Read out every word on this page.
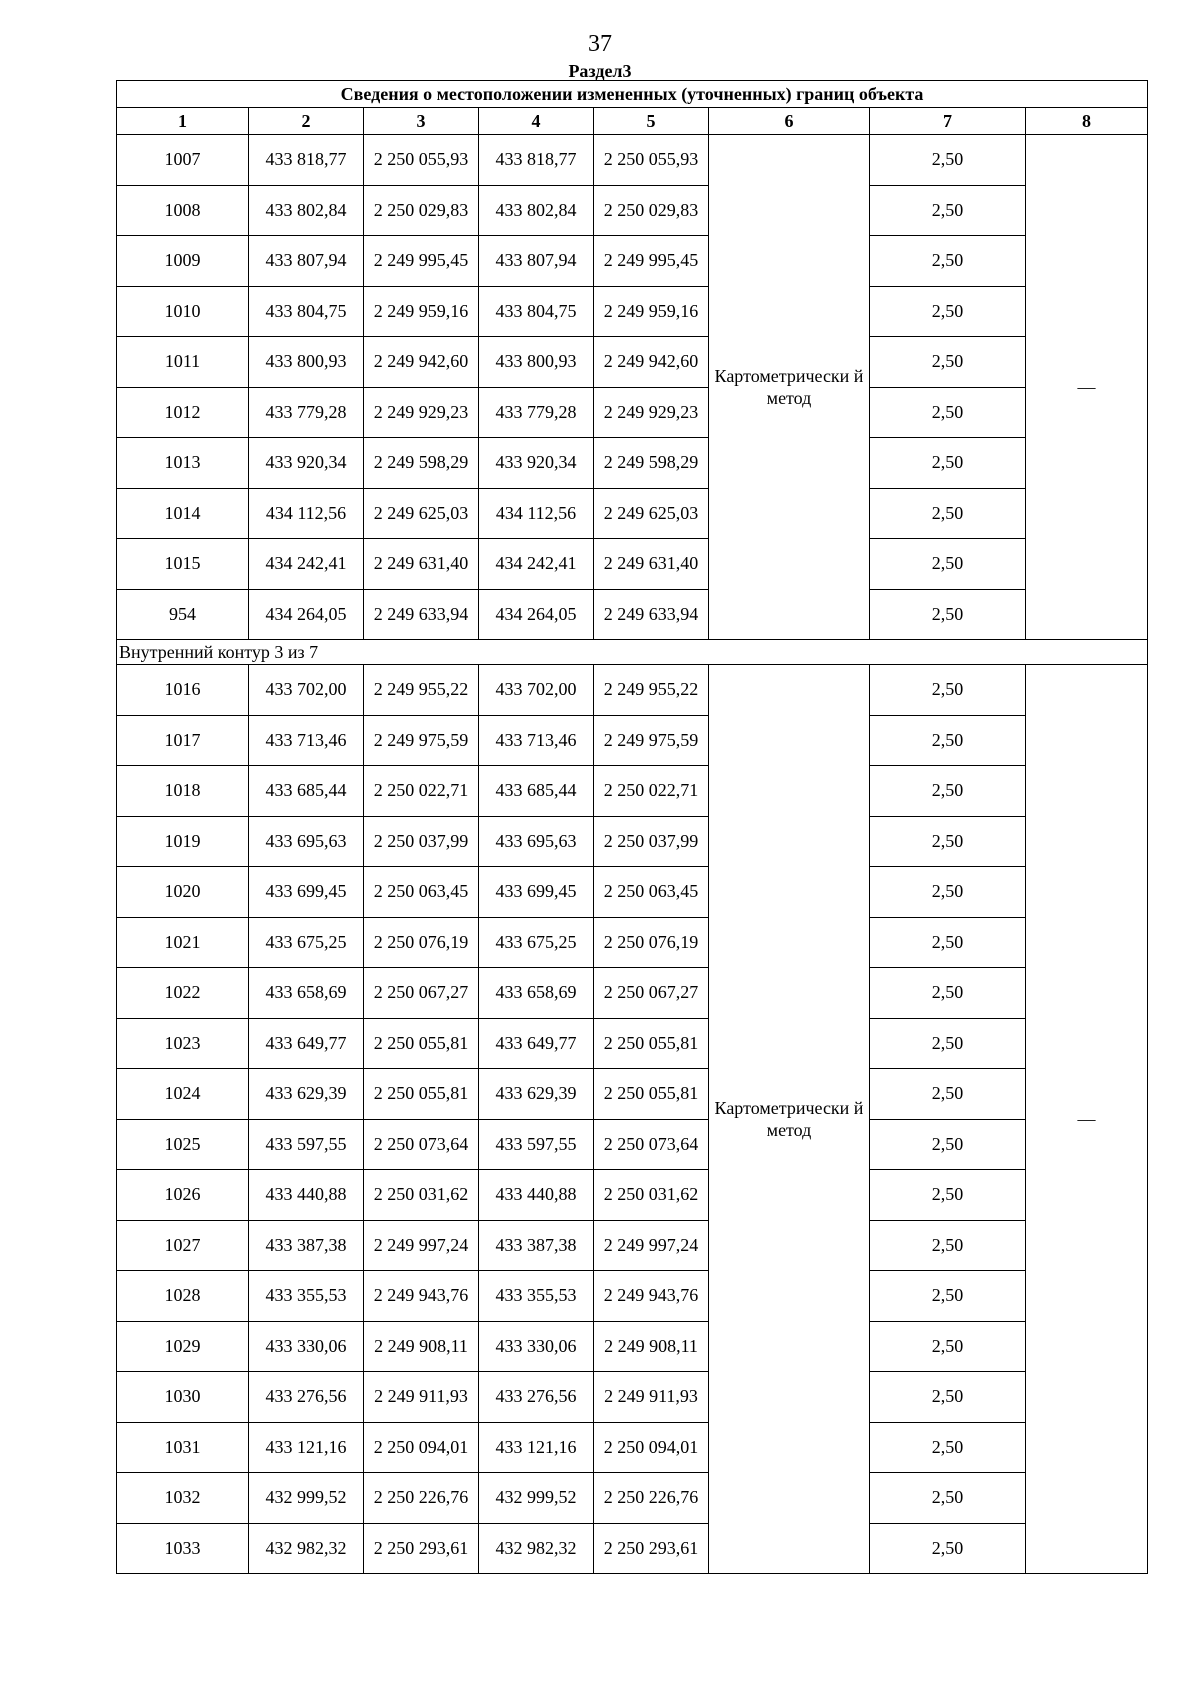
37
Раздел3
Сведения о местоположении измененных (уточненных) границ объекта							
1	2	3	4	5	6	7	8
1007	433 818,77	2 250 055,93	433 818,77	2 250 055,93	Картометрически й метод	2,50	—
1008	433 802,84	2 250 029,83	433 802,84	2 250 029,83		2,50	
1009	433 807,94	2 249 995,45	433 807,94	2 249 995,45		2,50	
1010	433 804,75	2 249 959,16	433 804,75	2 249 959,16		2,50	
1011	433 800,93	2 249 942,60	433 800,93	2 249 942,60		2,50	
1012	433 779,28	2 249 929,23	433 779,28	2 249 929,23		2,50	
1013	433 920,34	2 249 598,29	433 920,34	2 249 598,29		2,50	
1014	434 112,56	2 249 625,03	434 112,56	2 249 625,03		2,50	
1015	434 242,41	2 249 631,40	434 242,41	2 249 631,40		2,50	
954	434 264,05	2 249 633,94	434 264,05	2 249 633,94		2,50	
Внутренний контур 3 из 7							
1016	433 702,00	2 249 955,22	433 702,00	2 249 955,22	Картометрически й метод	2,50	—
1017	433 713,46	2 249 975,59	433 713,46	2 249 975,59		2,50	
1018	433 685,44	2 250 022,71	433 685,44	2 250 022,71		2,50	
1019	433 695,63	2 250 037,99	433 695,63	2 250 037,99		2,50	
1020	433 699,45	2 250 063,45	433 699,45	2 250 063,45		2,50	
1021	433 675,25	2 250 076,19	433 675,25	2 250 076,19		2,50	
1022	433 658,69	2 250 067,27	433 658,69	2 250 067,27		2,50	
1023	433 649,77	2 250 055,81	433 649,77	2 250 055,81		2,50	
1024	433 629,39	2 250 055,81	433 629,39	2 250 055,81		2,50	
1025	433 597,55	2 250 073,64	433 597,55	2 250 073,64		2,50	
1026	433 440,88	2 250 031,62	433 440,88	2 250 031,62		2,50	
1027	433 387,38	2 249 997,24	433 387,38	2 249 997,24		2,50	
1028	433 355,53	2 249 943,76	433 355,53	2 249 943,76		2,50	
1029	433 330,06	2 249 908,11	433 330,06	2 249 908,11		2,50	
1030	433 276,56	2 249 911,93	433 276,56	2 249 911,93		2,50	
1031	433 121,16	2 250 094,01	433 121,16	2 250 094,01		2,50	
1032	432 999,52	2 250 226,76	432 999,52	2 250 226,76		2,50	
1033	432 982,32	2 250 293,61	432 982,32	2 250 293,61		2,50	
